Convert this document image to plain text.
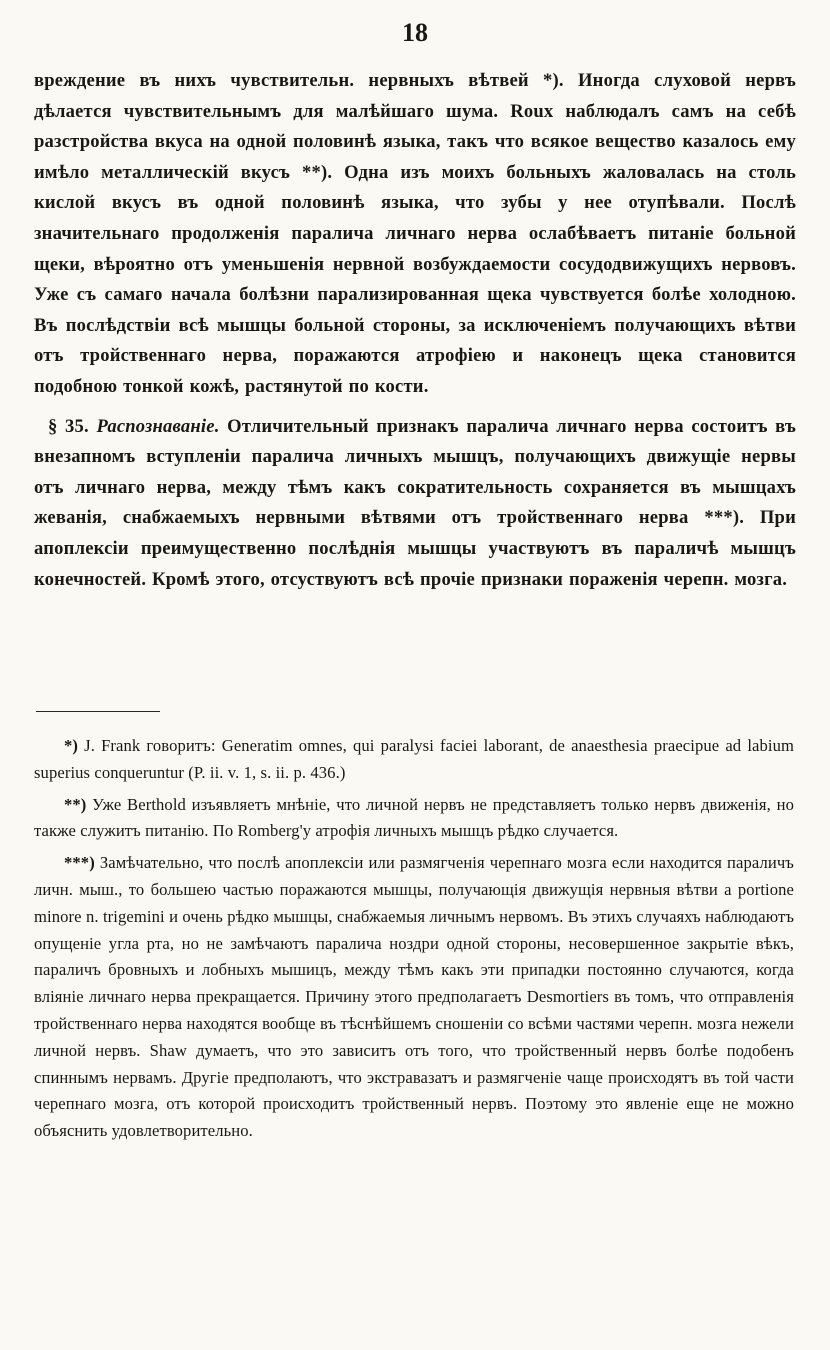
18

вреждение въ нихъ чувствительн. нервныхъ вѣтвей *). Иногда слуховой нервъ дѣлается чувствительнымъ для малѣйшаго шума. Roux наблюдалъ самъ на себѣ разстройства вкуса на одной половинѣ языка, такъ что всякое вещество казалось ему имѣло металлическій вкусъ **). Одна изъ моихъ больныхъ жаловалась на столь кислой вкусъ въ одной половинѣ языка, что зубы у нее отупѣвали. Послѣ значительнаго продолженія паралича личнаго нерва ослабѣваетъ питаніе больной щеки, вѣроятно отъ уменьшенія нервной возбуждаемости сосудодвижущихъ нервовъ. Уже съ самаго начала болѣзни парализированная щека чувствуется болѣе холодною. Въ послѣдствіи всѣ мышцы больной стороны, за исключеніемъ получающихъ вѣтви отъ тройственнаго нерва, поражаются атрофіею и наконецъ щека становится подобною тонкой кожѣ, растянутой по кости.

§ 35. Распознаваніе. Отличительный признакъ паралича личнаго нерва состоитъ въ внезапномъ вступленіи паралича личныхъ мышцъ, получающихъ движущіе нервы отъ личнаго нерва, между тѣмъ какъ сократительность сохраняется въ мышцахъ жеванія, снабжаемыхъ нервными вѣтвями отъ тройственнаго нерва ***). При апоплексіи преимущественно послѣднія мышцы участвуютъ въ параличѣ мышцъ конечностей. Кромѣ этого, отсуствуютъ всѣ прочіе признаки пораженія черепн. мозга.

*) J. Frank говоритъ: Generatim omnes, qui paralysi faciei laborant, de anaesthesia praecipue ad labium superius conqueruntur (P. ii. v. 1, s. ii. p. 436.)

**) Уже Berthold изъявляетъ мнѣніе, что личной нервъ не представляетъ только нервъ движенія, но также служитъ питанію. По Romberg'у атрофія личныхъ мышцъ рѣдко случается.

***) Замѣчательно, что послѣ апоплексіи или размягченія черепнаго мозга если находится параличъ личн. мыш., то большею частью поражаются мышцы, получающія движущія нервныя вѣтви a portione minore n. trigemini и очень рѣдко мышцы, снабжаемыя личнымъ нервомъ. Въ этихъ случаяхъ наблюдаютъ опущеніе угла рта, но не замѣчаютъ паралича ноздри одной стороны, несовершенное закрытіе вѣкъ, параличъ бровныхъ и лобныхъ мышицъ, между тѣмъ какъ эти припадки постоянно случаются, когда вліяніе личнаго нерва прекращается. Причину этого предполагаетъ Desmortiers въ томъ, что отправленія тройственнаго нерва находятся вообще въ тѣснѣйшемъ сношеніи со всѣми частями черепн. мозга нежели личной нервъ. Shaw думаетъ, что это зависитъ отъ того, что тройственный нервъ болѣе подобенъ спиннымъ нервамъ. Другіе предполаютъ, что экстравазатъ и размягченіе чаще происходятъ въ той части черепнаго мозга, отъ которой происходитъ тройственный нервъ. Поэтому это явленіе еще не можно объяснить удовлетворительно.
